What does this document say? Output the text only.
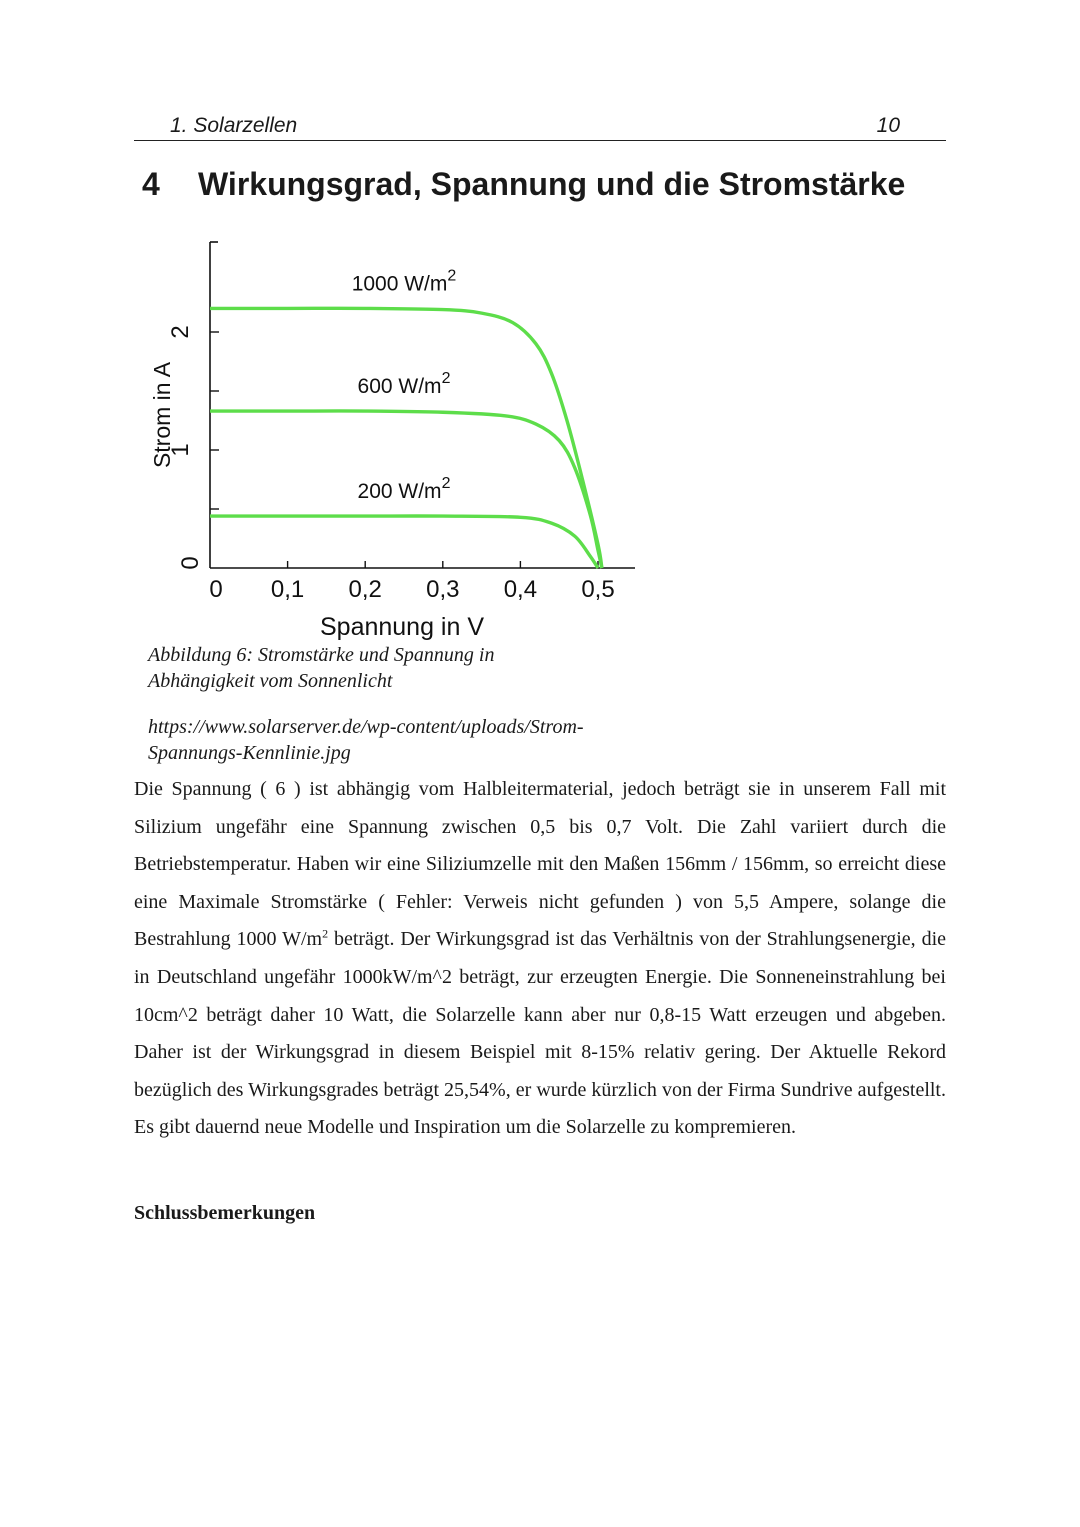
1. Solarzellen	10
4 Wirkungsgrad, Spannung und die Stromstärke
0 0,1 0,2 0,3 0,4 0,5
0
1
2
1000 $W/m^2$
600 $W/m^2$
200 $W/m^2$
Spannung in V
Strom in A
Abbildung 6: Stromstärke und Spannung in Abhängigkeit vom Sonnenlicht
https://www.solarserver.de/wp-content/uploads/Strom-Spannungs-Kennlinie.jpg

Die Spannung ( 6 ) ist abhängig vom Halbleitermaterial, jedoch beträgt sie in unserem Fall mit Silizium ungefähr eine Spannung zwischen 0,5 bis 0,7 Volt. Die Zahl variiert durch die Betriebstemperatur. Haben wir eine Siliziumzelle mit den Maßen 156mm / 156mm, so erreicht diese eine Maximale Stromstärke ( Fehler: Verweis nicht gefunden ) von 5,5 Ampere, solange die Bestrahlung 1000 $W/m^2$ beträgt. Der Wirkungsgrad ist das Verhältnis von der Strahlungsenergie, die in Deutschland ungefähr 1000kW/m^2 beträgt, zur erzeugten Energie. Die Sonneneinstrahlung bei 10cm^2 beträgt daher 10 Watt, die Solarzelle kann aber nur 0,8-15 Watt erzeugen und abgeben. Daher ist der Wirkungsgrad in diesem Beispiel mit 8-15% relativ gering. Der Aktuelle Rekord bezüglich des Wirkungsgrades beträgt 25,54%, er wurde kürzlich von der Firma Sundrive aufgestellt. Es gibt dauernd neue Modelle und Inspiration um die Solarzelle zu kompremieren.

Schlussbemerkungen
